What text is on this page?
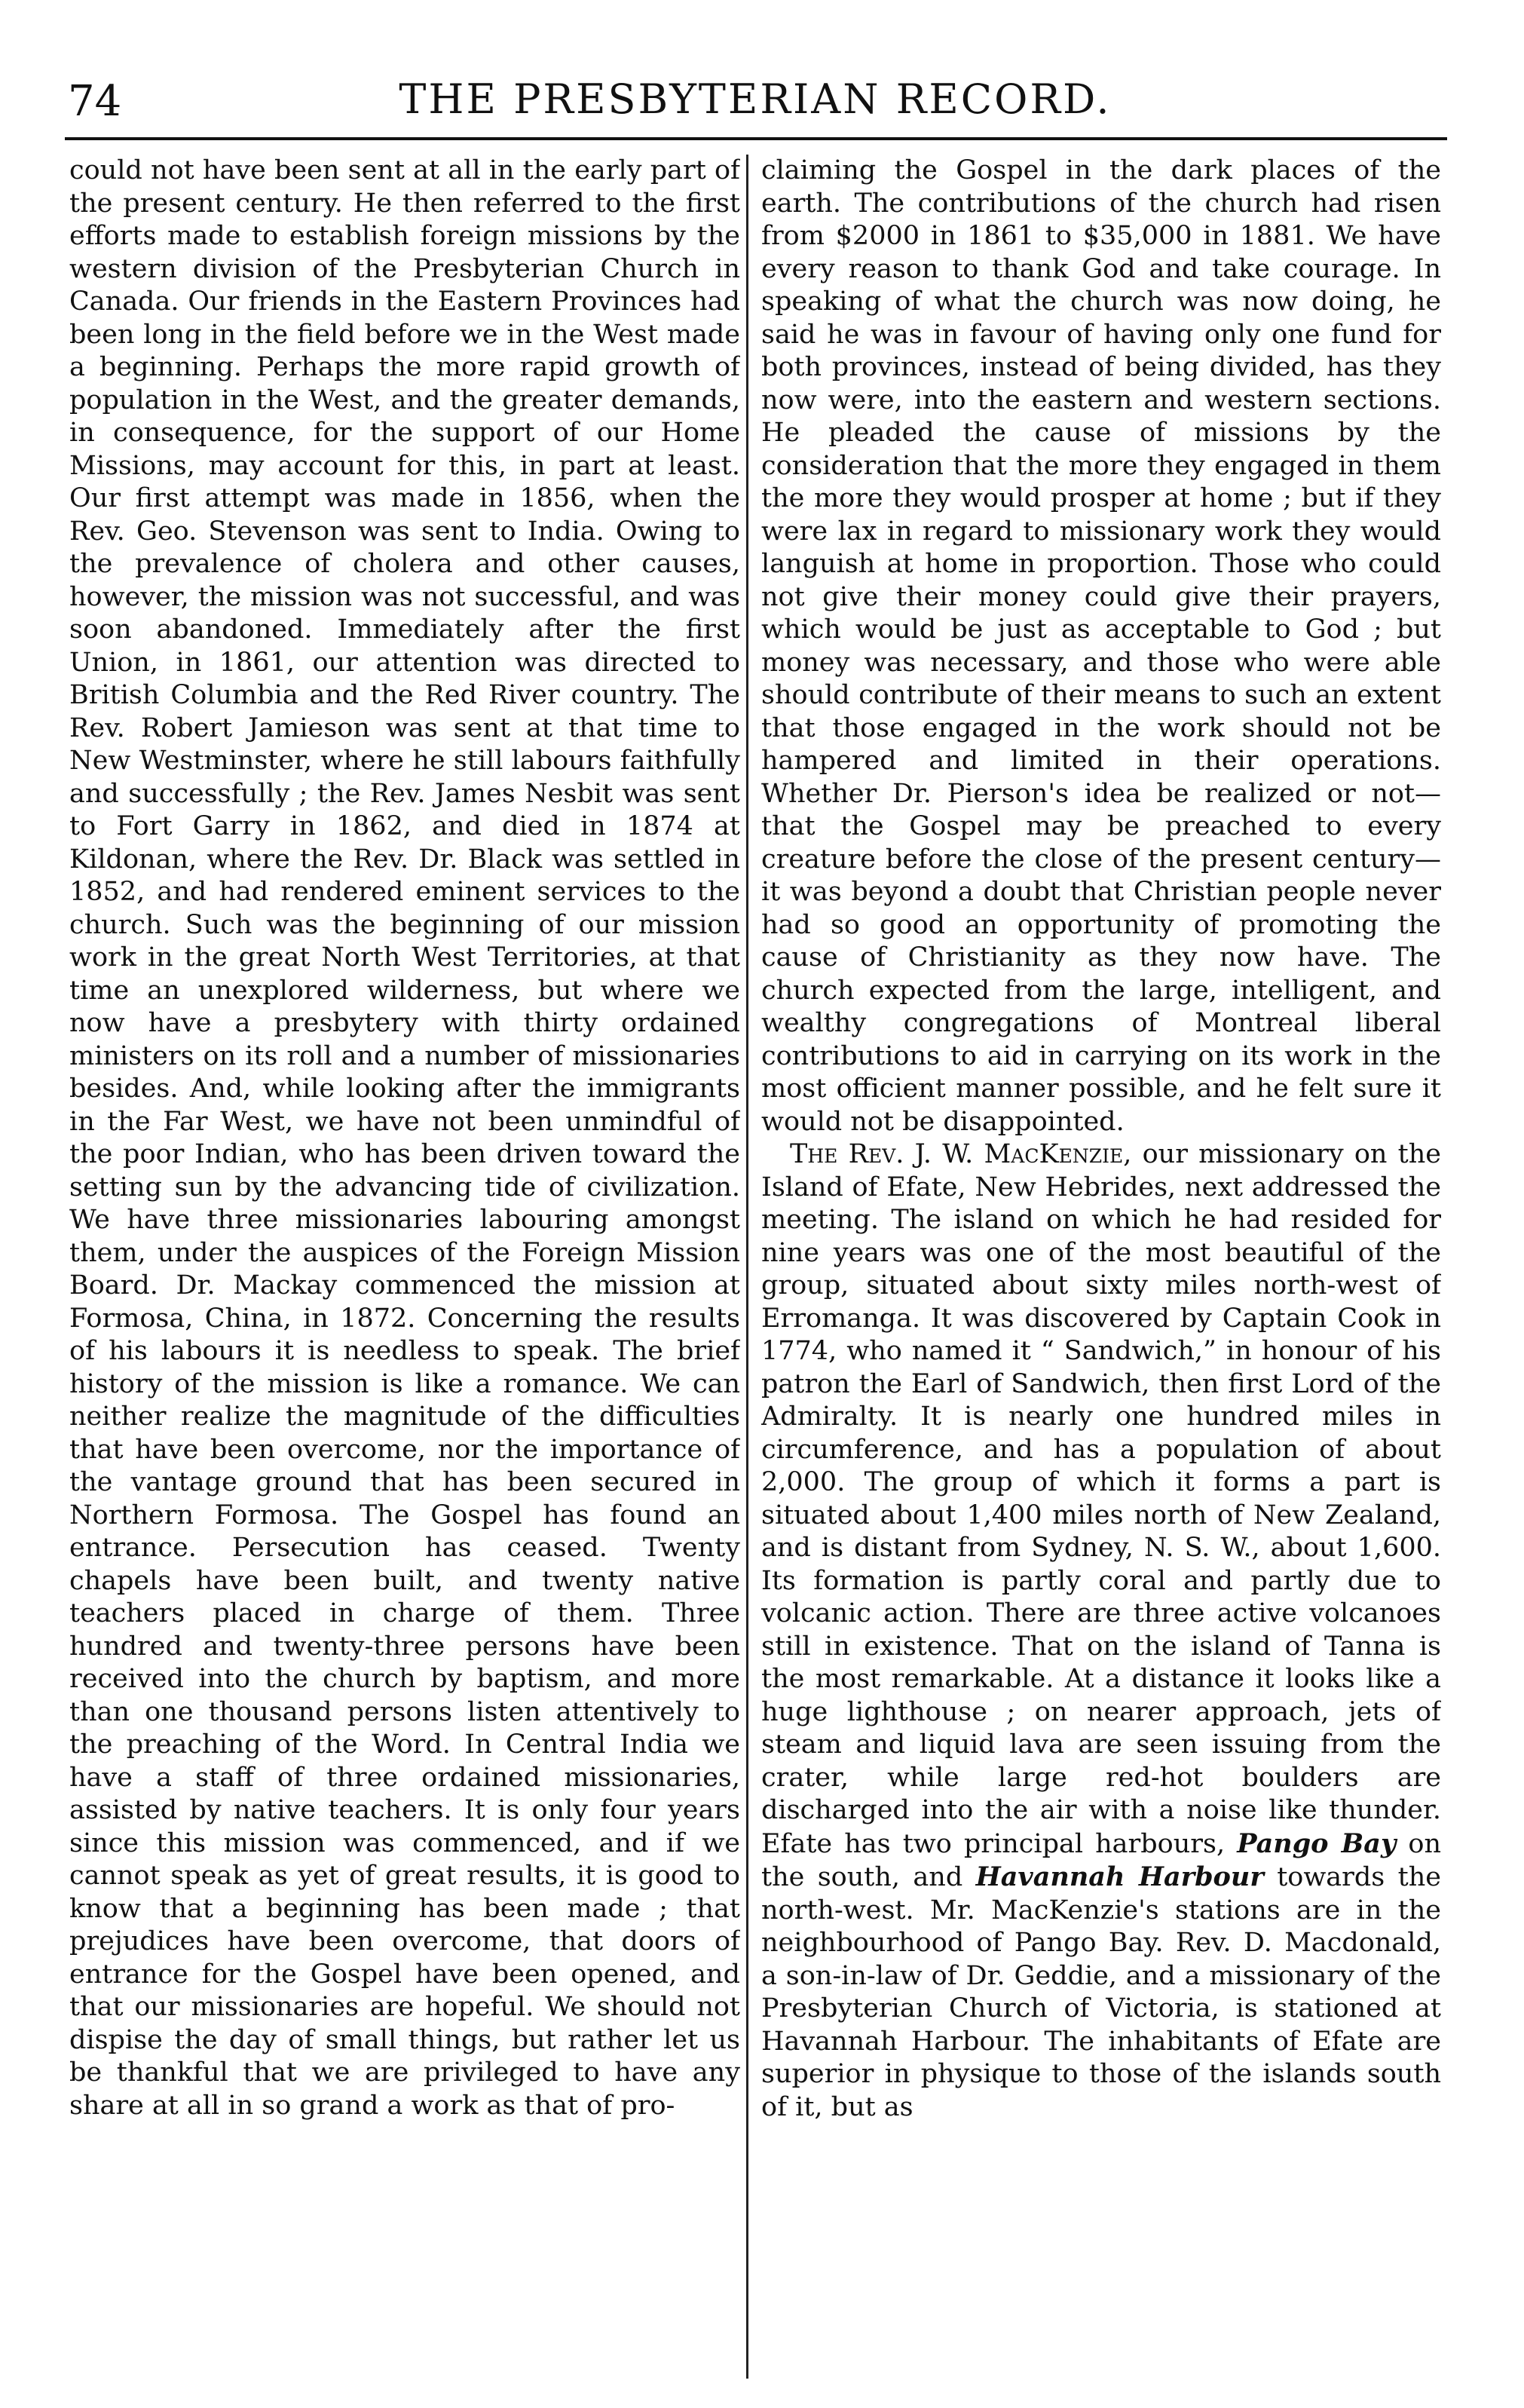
74	THE PRESBYTERIAN RECORD.

could not have been sent at all in the early part of the present century. He then referred to the first efforts made to establish foreign missions by the western division of the Presbyterian Church in Canada. Our friends in the Eastern Provinces had been long in the field before we in the West made a beginning. Perhaps the more rapid growth of population in the West, and the greater demands, in consequence, for the support of our Home Missions, may account for this, in part at least. Our first attempt was made in 1856, when the Rev. Geo. Stevenson was sent to India. Owing to the prevalence of cholera and other causes, however, the mission was not successful, and was soon abandoned. Immediately after the first Union, in 1861, our attention was directed to British Columbia and the Red River country. The Rev. Robert Jamieson was sent at that time to New Westminster, where he still labours faithfully and successfully ; the Rev. James Nesbit was sent to Fort Garry in 1862, and died in 1874 at Kildonan, where the Rev. Dr. Black was settled in 1852, and had rendered eminent services to the church. Such was the beginning of our mission work in the great North West Territories, at that time an unexplored wilderness, but where we now have a presbytery with thirty ordained ministers on its roll and a number of missionaries besides. And, while looking after the immigrants in the Far West, we have not been unmindful of the poor Indian, who has been driven toward the setting sun by the advancing tide of civilization. We have three missionaries labouring amongst them, under the auspices of the Foreign Mission Board. Dr. Mackay commenced the mission at Formosa, China, in 1872. Concerning the results of his labours it is needless to speak. The brief history of the mission is like a romance. We can neither realize the magnitude of the difficulties that have been overcome, nor the importance of the vantage ground that has been secured in Northern Formosa. The Gospel has found an entrance. Persecution has ceased. Twenty chapels have been built, and twenty native teachers placed in charge of them. Three hundred and twenty-three persons have been received into the church by baptism, and more than one thousand persons listen attentively to the preaching of the Word. In Central India we have a staff of three ordained missionaries, assisted by native teachers. It is only four years since this mission was commenced, and if we cannot speak as yet of great results, it is good to know that a beginning has been made ; that prejudices have been overcome, that doors of entrance for the Gospel have been opened, and that our missionaries are hopeful. We should not dispise the day of small things, but rather let us be thankful that we are privileged to have any share at all in so grand a work as that of pro-

claiming the Gospel in the dark places of the earth. The contributions of the church had risen from $2000 in 1861 to $35,000 in 1881. We have every reason to thank God and take courage. In speaking of what the church was now doing, he said he was in favour of having only one fund for both provinces, instead of being divided, has they now were, into the eastern and western sections. He pleaded the cause of missions by the consideration that the more they engaged in them the more they would prosper at home ; but if they were lax in regard to missionary work they would languish at home in proportion. Those who could not give their money could give their prayers, which would be just as acceptable to God ; but money was necessary, and those who were able should contribute of their means to such an extent that those engaged in the work should not be hampered and limited in their operations. Whether Dr. Pierson's idea be realized or not—that the Gospel may be preached to every creature before the close of the present century—it was beyond a doubt that Christian people never had so good an opportunity of promoting the cause of Christianity as they now have. The church expected from the large, intelligent, and wealthy congregations of Montreal liberal contributions to aid in carrying on its work in the most officient manner possible, and he felt sure it would not be disappointed.

The Rev. J. W. MacKenzie, our missionary on the Island of Efate, New Hebrides, next addressed the meeting. The island on which he had resided for nine years was one of the most beautiful of the group, situated about sixty miles north-west of Erromanga. It was discovered by Captain Cook in 1774, who named it “ Sandwich,” in honour of his patron the Earl of Sandwich, then first Lord of the Admiralty. It is nearly one hundred miles in circumference, and has a population of about 2,000. The group of which it forms a part is situated about 1,400 miles north of New Zealand, and is distant from Sydney, N. S. W., about 1,600. Its formation is partly coral and partly due to volcanic action. There are three active volcanoes still in existence. That on the island of Tanna is the most remarkable. At a distance it looks like a huge lighthouse ; on nearer approach, jets of steam and liquid lava are seen issuing from the crater, while large red-hot boulders are discharged into the air with a noise like thunder. Efate has two principal harbours, Pango Bay on the south, and Havannah Harbour towards the north-west. Mr. MacKenzie's stations are in the neighbourhood of Pango Bay. Rev. D. Macdonald, a son-in-law of Dr. Geddie, and a missionary of the Presbyterian Church of Victoria, is stationed at Havannah Harbour. The inhabitants of Efate are superior in physique to those of the islands south of it, but as
